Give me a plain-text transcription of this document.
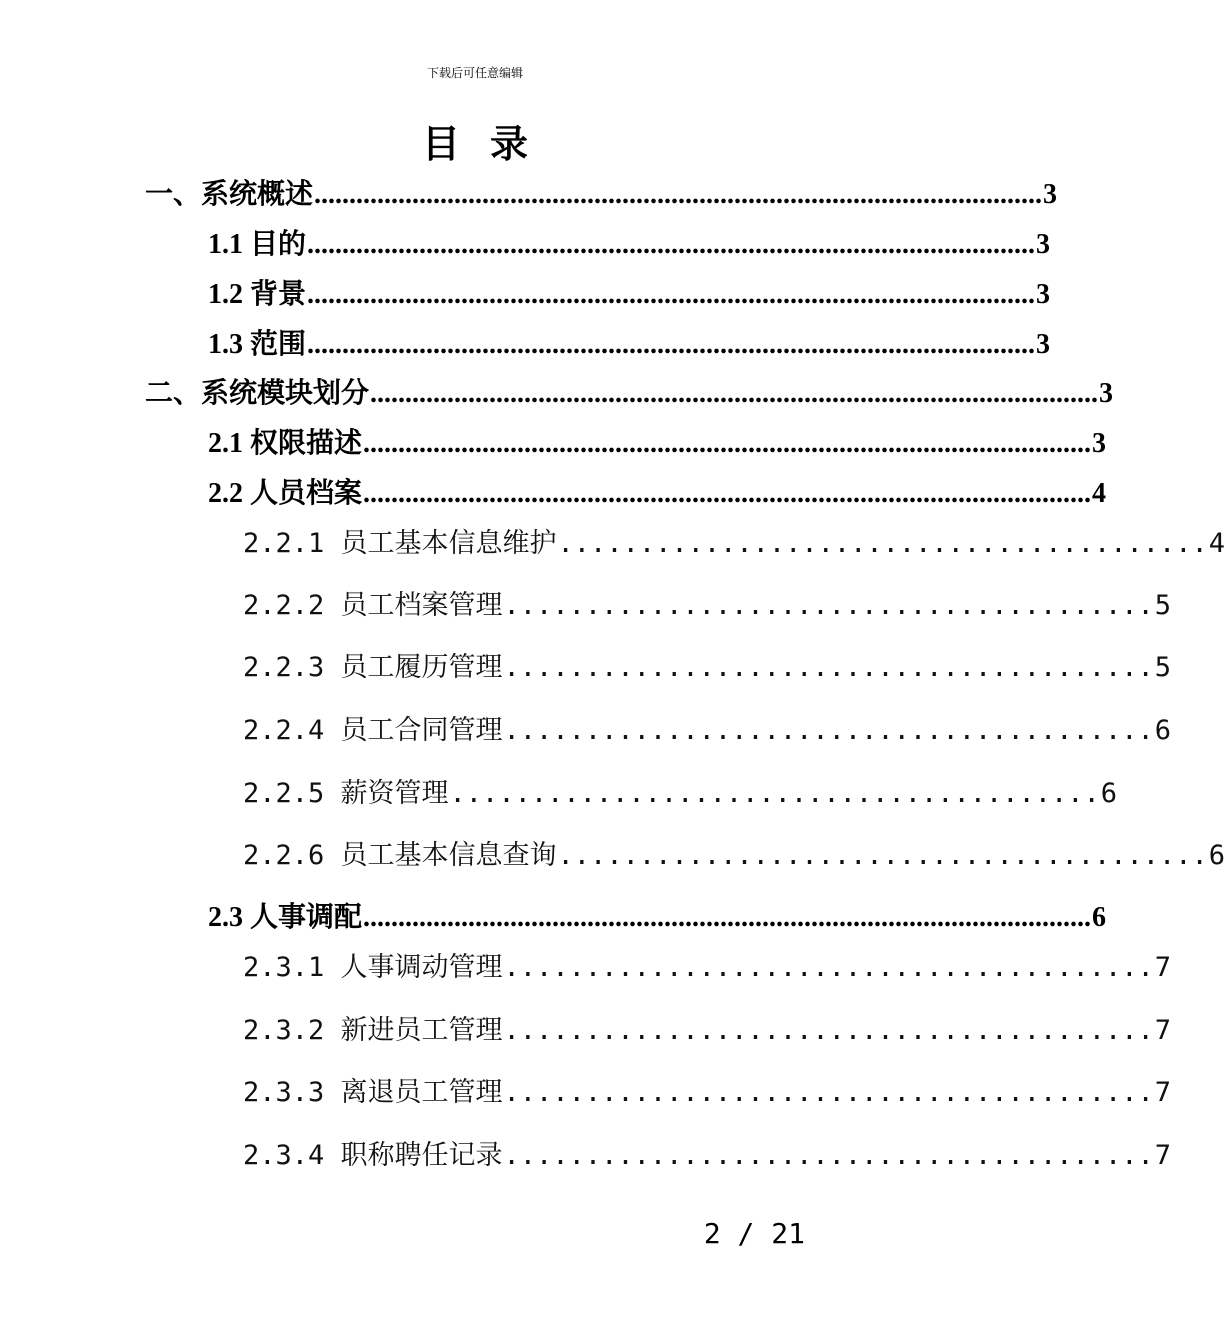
下载后可任意编辑
目录
一、系统概述 ........................................................................................................ 3
1.1 目的 ........................................................................................................ 3
1.2 背景 ........................................................................................................ 3
1.3 范围 ........................................................................................................ 3
二、系统模块划分 ........................................................................................................ 3
2.1 权限描述 ........................................................................................................ 3
2.2 人员档案 ........................................................................................................ 4
2.2.1 员工基本信息维护 ........................................ 4
2.2.2 员工档案管理 ........................................ 5
2.2.3 员工履历管理 ........................................ 5
2.2.4 员工合同管理 ........................................ 6
2.2.5 薪资管理 ........................................ 6
2.2.6 员工基本信息查询 ........................................ 6
2.3 人事调配 ........................................................................................................ 6
2.3.1 人事调动管理 ........................................ 7
2.3.2 新进员工管理 ........................................ 7
2.3.3 离退员工管理 ........................................ 7
2.3.4 职称聘任记录 ........................................ 7
2 / 21
